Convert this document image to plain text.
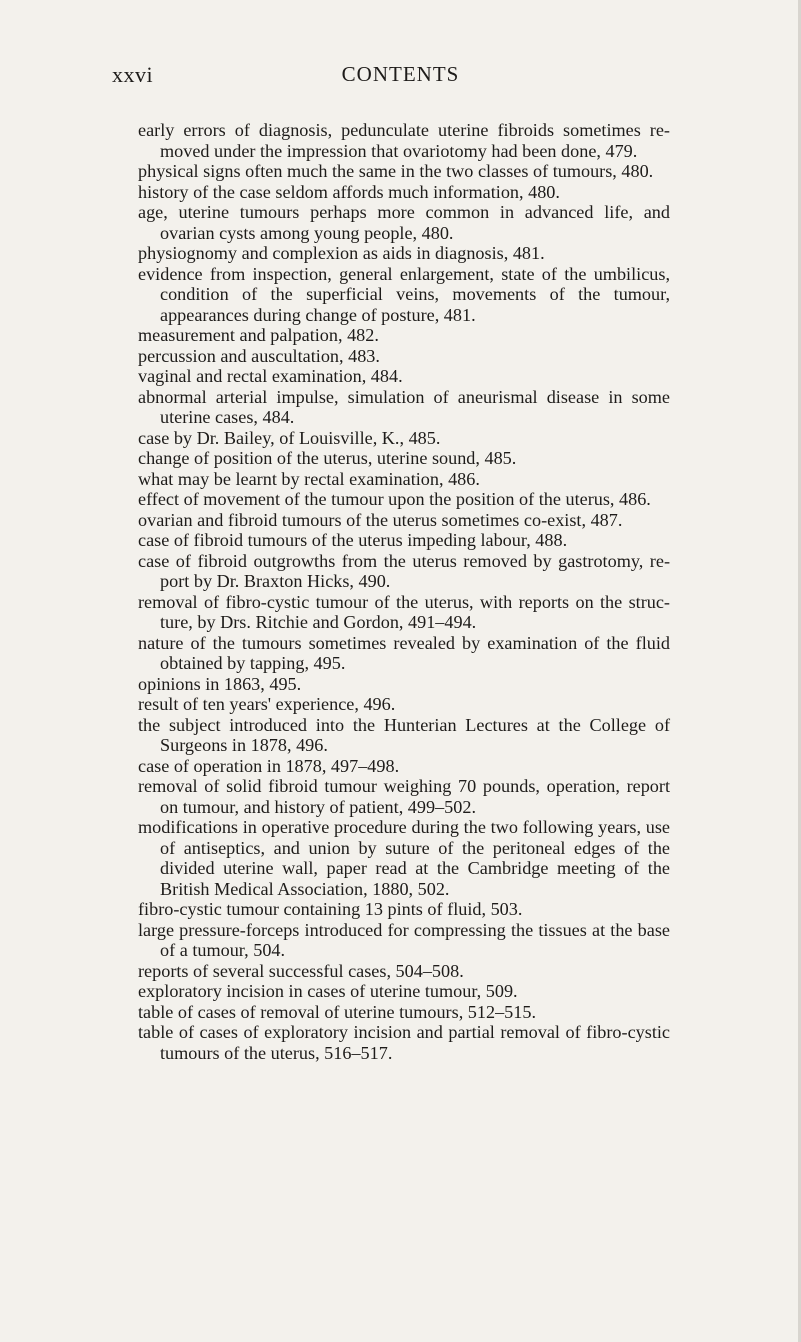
xxvi	CONTENTS
early errors of diagnosis, pedunculate uterine fibroids sometimes re-moved under the impression that ovariotomy had been done, 479.
physical signs often much the same in the two classes of tumours, 480.
history of the case seldom affords much information, 480.
age, uterine tumours perhaps more common in advanced life, and ovarian cysts among young people, 480.
physiognomy and complexion as aids in diagnosis, 481.
evidence from inspection, general enlargement, state of the umbilicus, condition of the superficial veins, movements of the tumour, appearances during change of posture, 481.
measurement and palpation, 482.
percussion and auscultation, 483.
vaginal and rectal examination, 484.
abnormal arterial impulse, simulation of aneurismal disease in some uterine cases, 484.
case by Dr. Bailey, of Louisville, K., 485.
change of position of the uterus, uterine sound, 485.
what may be learnt by rectal examination, 486.
effect of movement of the tumour upon the position of the uterus, 486.
ovarian and fibroid tumours of the uterus sometimes co-exist, 487.
case of fibroid tumours of the uterus impeding labour, 488.
case of fibroid outgrowths from the uterus removed by gastrotomy, re-port by Dr. Braxton Hicks, 490.
removal of fibro-cystic tumour of the uterus, with reports on the struc-ture, by Drs. Ritchie and Gordon, 491–494.
nature of the tumours sometimes revealed by examination of the fluid obtained by tapping, 495.
opinions in 1863, 495.
result of ten years' experience, 496.
the subject introduced into the Hunterian Lectures at the College of Surgeons in 1878, 496.
case of operation in 1878, 497–498.
removal of solid fibroid tumour weighing 70 pounds, operation, report on tumour, and history of patient, 499–502.
modifications in operative procedure during the two following years, use of antiseptics, and union by suture of the peritoneal edges of the divided uterine wall, paper read at the Cambridge meeting of the British Medical Association, 1880, 502.
fibro-cystic tumour containing 13 pints of fluid, 503.
large pressure-forceps introduced for compressing the tissues at the base of a tumour, 504.
reports of several successful cases, 504–508.
exploratory incision in cases of uterine tumour, 509.
table of cases of removal of uterine tumours, 512–515.
table of cases of exploratory incision and partial removal of fibro-cystic tumours of the uterus, 516–517.
